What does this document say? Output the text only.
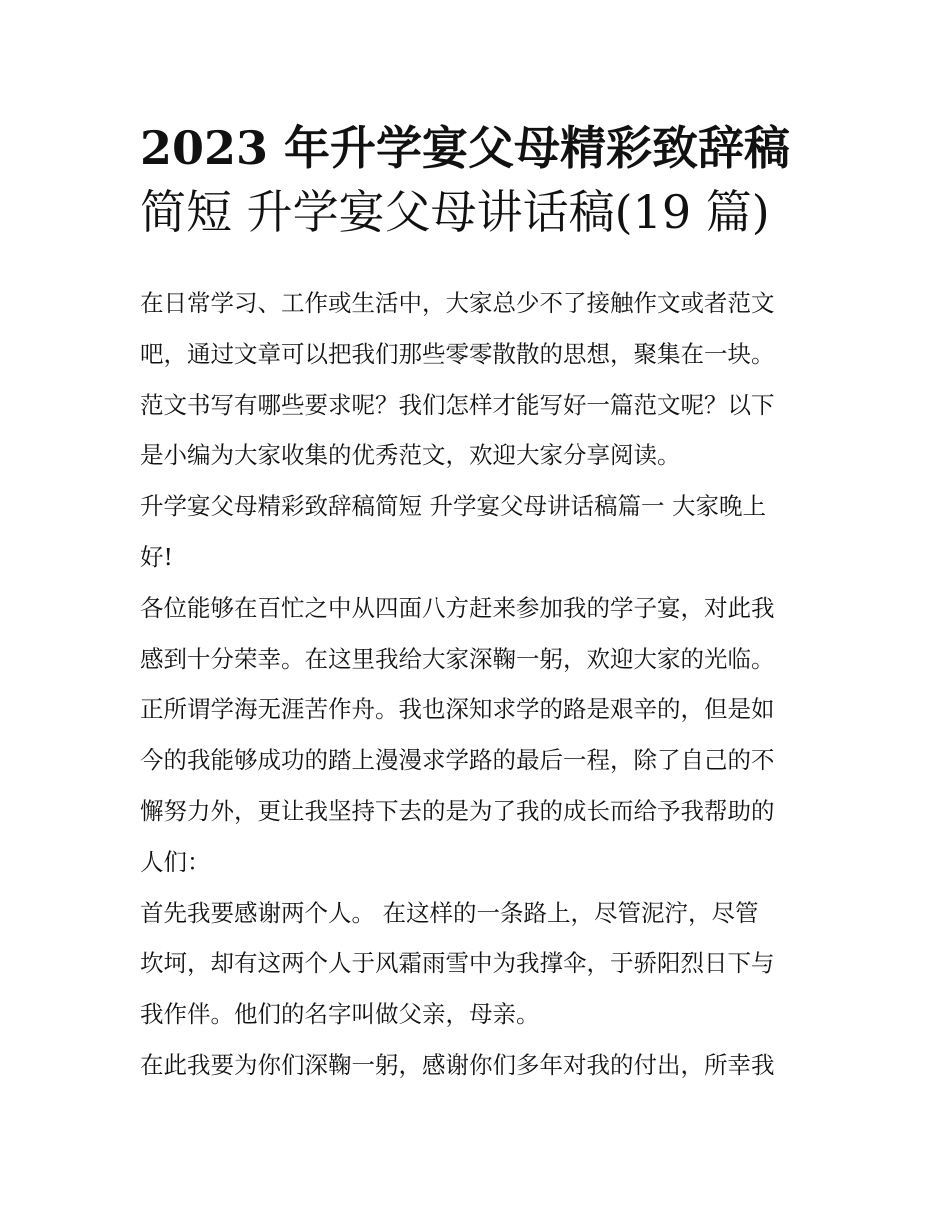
2023 年升学宴父母精彩致辞稿
简短 升学宴父母讲话稿(19 篇)

在日常学习、工作或生活中，大家总少不了接触作文或者范文
吧，通过文章可以把我们那些零零散散的思想，聚集在一块。
范文书写有哪些要求呢？我们怎样才能写好一篇范文呢？以下
是小编为大家收集的优秀范文，欢迎大家分享阅读。

升学宴父母精彩致辞稿简短 升学宴父母讲话稿篇一 大家晚上
好!

各位能够在百忙之中从四面八方赶来参加我的学子宴，对此我
感到十分荣幸。在这里我给大家深鞠一躬，欢迎大家的光临。
正所谓学海无涯苦作舟。我也深知求学的路是艰辛的，但是如
今的我能够成功的踏上漫漫求学路的最后一程，除了自己的不
懈努力外，更让我坚持下去的是为了我的成长而给予我帮助的
人们：

首先我要感谢两个人。 在这样的一条路上，尽管泥泞，尽管
坎坷，却有这两个人于风霜雨雪中为我撑伞，于骄阳烈日下与
我作伴。他们的名字叫做父亲，母亲。

在此我要为你们深鞠一躬，感谢你们多年对我的付出，所幸我
